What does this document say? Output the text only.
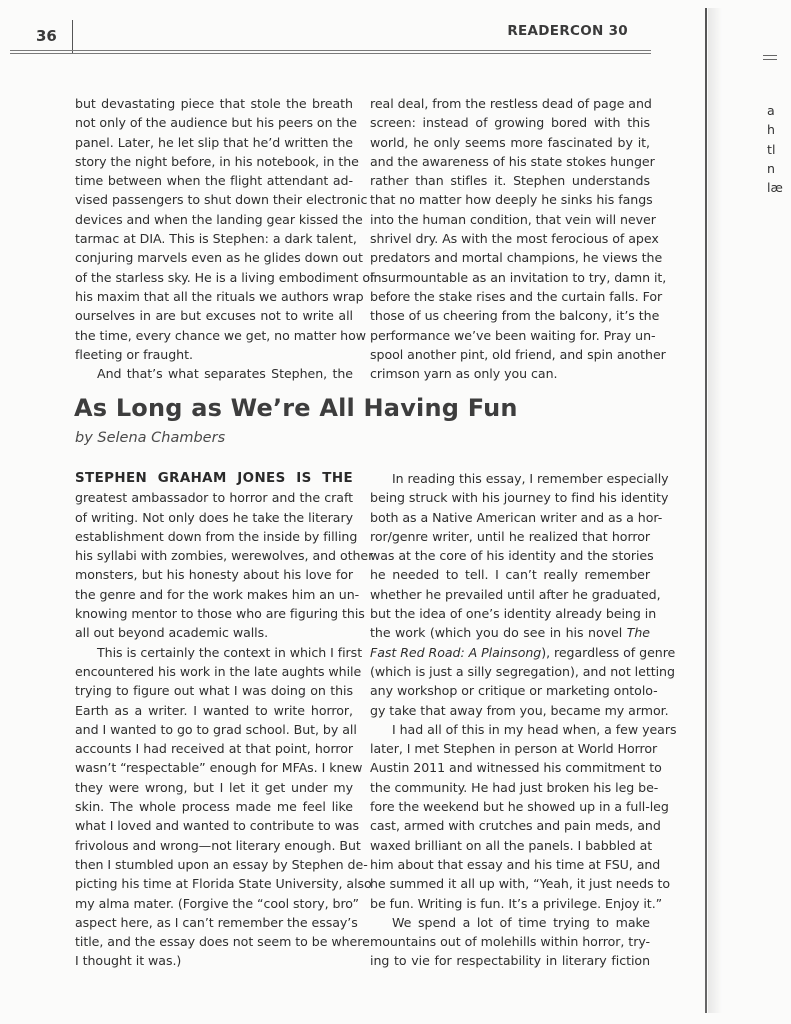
36	READERCON 30
but devastating piece that stole the breath
not only of the audience but his peers on the
panel. Later, he let slip that he’d written the
story the night before, in his notebook, in the
time between when the flight attendant ad-
vised passengers to shut down their electronic
devices and when the landing gear kissed the
tarmac at DIA. This is Stephen: a dark talent,
conjuring marvels even as he glides down out
of the starless sky. He is a living embodiment of
his maxim that all the rituals we authors wrap
ourselves in are but excuses not to write all
the time, every chance we get, no matter how
fleeting or fraught.
And that’s what separates Stephen, the
real deal, from the restless dead of page and
screen: instead of growing bored with this
world, he only seems more fascinated by it,
and the awareness of his state stokes hunger
rather than stifles it. Stephen understands
that no matter how deeply he sinks his fangs
into the human condition, that vein will never
shrivel dry. As with the most ferocious of apex
predators and mortal champions, he views the
insurmountable as an invitation to try, damn it,
before the stake rises and the curtain falls. For
those of us cheering from the balcony, it’s the
performance we’ve been waiting for. Pray un-
spool another pint, old friend, and spin another
crimson yarn as only you can.
As Long as We’re All Having Fun
by Selena Chambers
STEPHEN GRAHAM JONES IS THE
greatest ambassador to horror and the craft
of writing. Not only does he take the literary
establishment down from the inside by filling
his syllabi with zombies, werewolves, and other
monsters, but his honesty about his love for
the genre and for the work makes him an un-
knowing mentor to those who are figuring this
all out beyond academic walls.
This is certainly the context in which I first
encountered his work in the late aughts while
trying to figure out what I was doing on this
Earth as a writer. I wanted to write horror,
and I wanted to go to grad school. But, by all
accounts I had received at that point, horror
wasn’t “respectable” enough for MFAs. I knew
they were wrong, but I let it get under my
skin. The whole process made me feel like
what I loved and wanted to contribute to was
frivolous and wrong—not literary enough. But
then I stumbled upon an essay by Stephen de-
picting his time at Florida State University, also
my alma mater. (Forgive the “cool story, bro”
aspect here, as I can’t remember the essay’s
title, and the essay does not seem to be where
I thought it was.)
In reading this essay, I remember especially
being struck with his journey to find his identity
both as a Native American writer and as a hor-
ror/genre writer, until he realized that horror
was at the core of his identity and the stories
he needed to tell. I can’t really remember
whether he prevailed until after he graduated,
but the idea of one’s identity already being in
the work (which you do see in his novel The
Fast Red Road: A Plainsong), regardless of genre
(which is just a silly segregation), and not letting
any workshop or critique or marketing ontolo-
gy take that away from you, became my armor.
I had all of this in my head when, a few years
later, I met Stephen in person at World Horror
Austin 2011 and witnessed his commitment to
the community. He had just broken his leg be-
fore the weekend but he showed up in a full-leg
cast, armed with crutches and pain meds, and
waxed brilliant on all the panels. I babbled at
him about that essay and his time at FSU, and
he summed it all up with, “Yeah, it just needs to
be fun. Writing is fun. It’s a privilege. Enjoy it.”
We spend a lot of time trying to make
mountains out of molehills within horror, try-
ing to vie for respectability in literary fiction
a
h
tl
n
læ
